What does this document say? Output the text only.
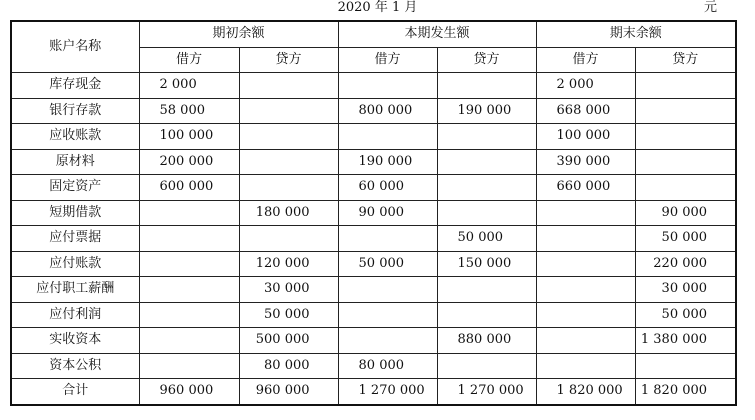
2020 年 1 月	元
账户名称	期初余额		本期发生额		期末余额	
	借方	贷方	借方	贷方	借方	贷方
库存现金	2 000				2 000	
银行存款	58 000		800 000	190 000	668 000	
应收账款	100 000				100 000	
原材料	200 000		190 000		390 000	
固定资产	600 000		60 000		660 000	
短期借款		180 000	90 000			90 000
应付票据				50 000		50 000
应付账款		120 000	50 000	150 000		220 000
应付职工薪酬		30 000				30 000
应付利润		50 000				50 000
实收资本		500 000		880 000		1 380 000
资本公积		80 000	80 000			
合计	960 000	960 000	1 270 000	1 270 000	1 820 000	1 820 000
